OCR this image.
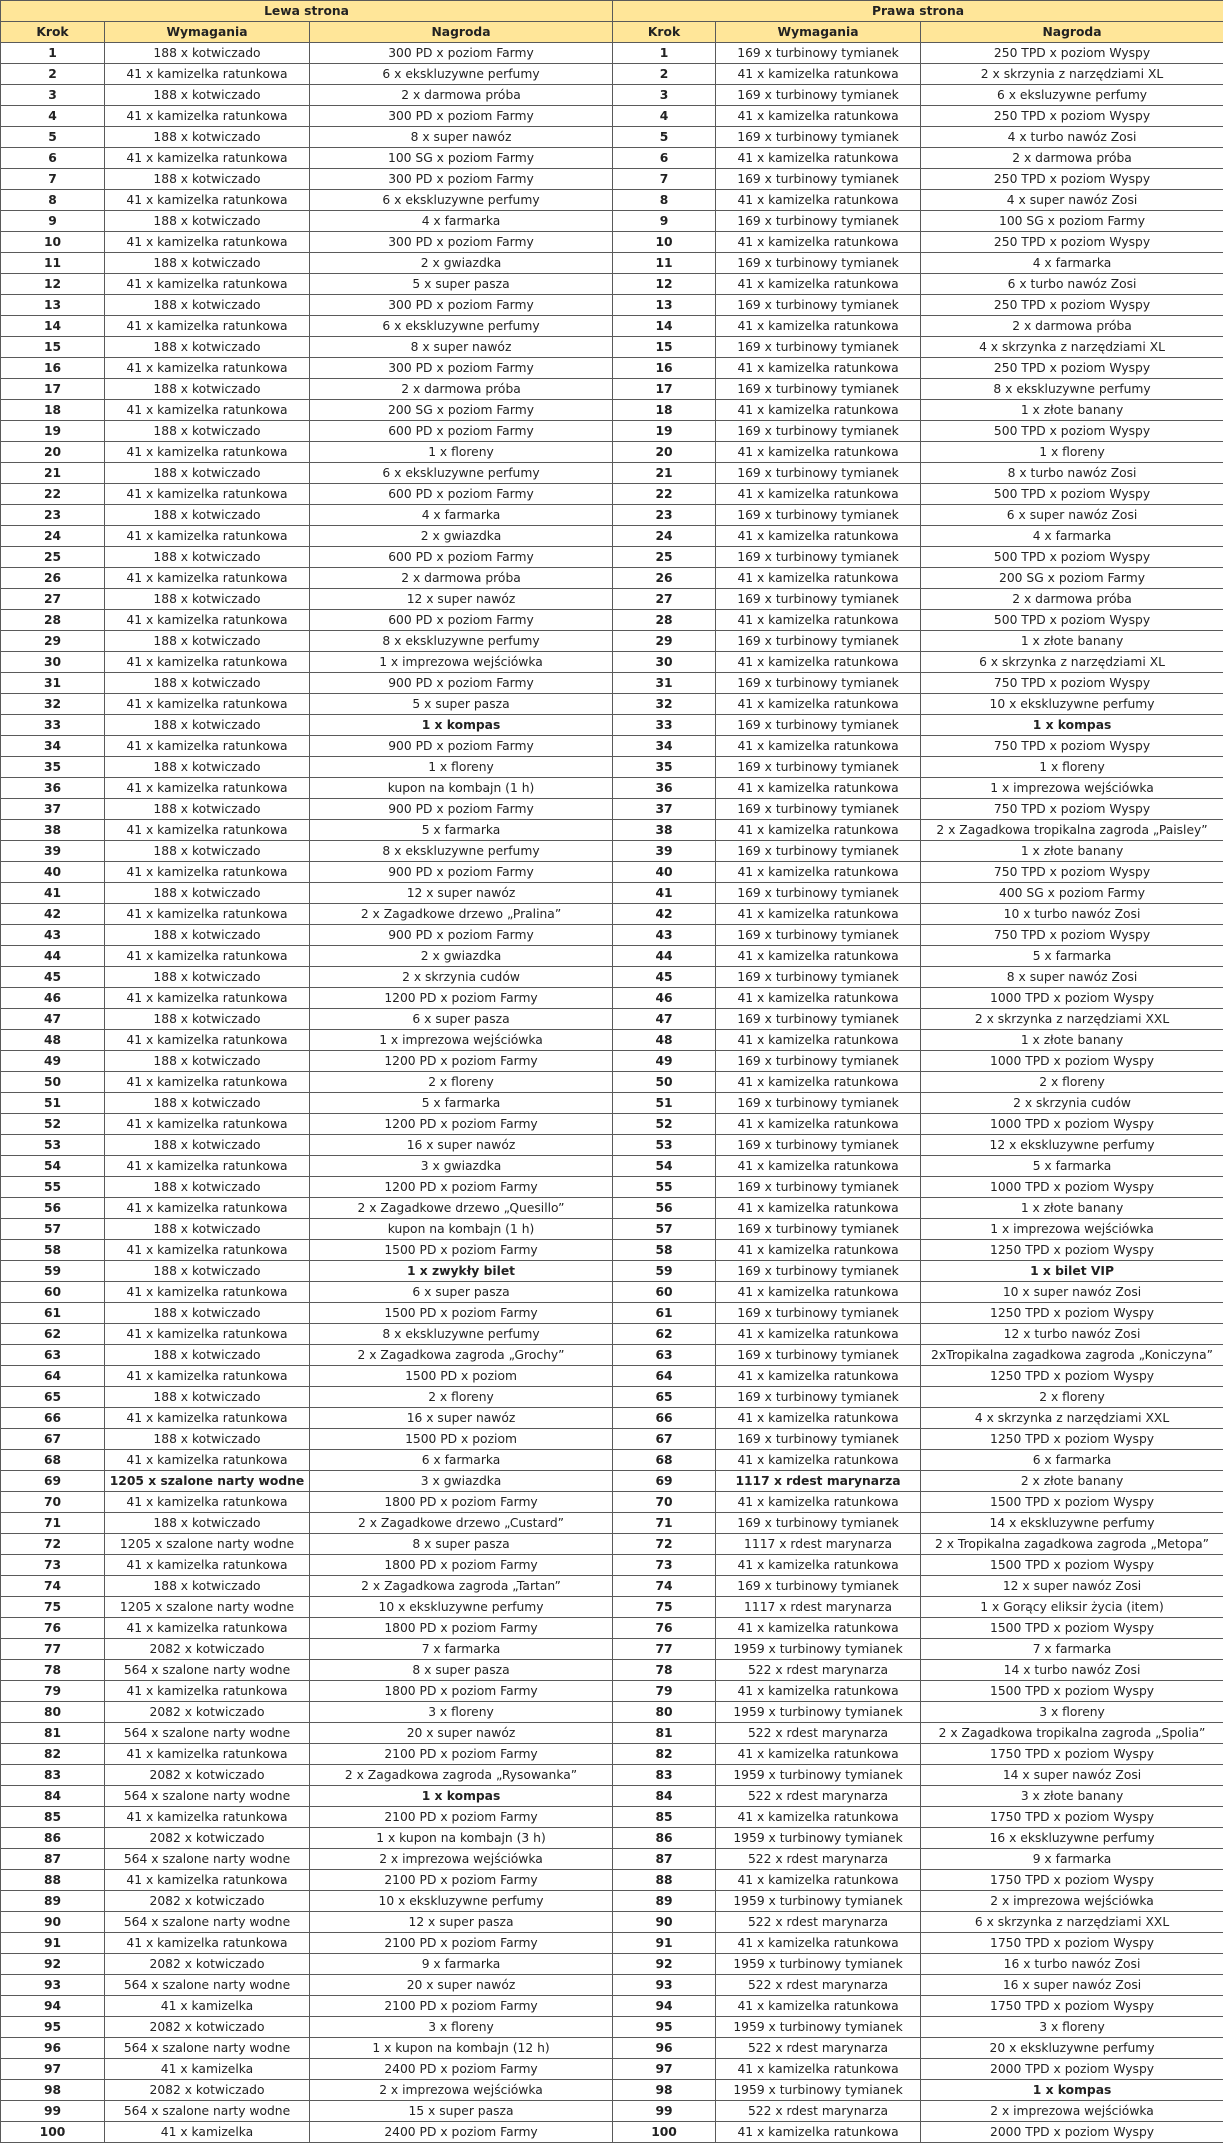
Lewa strona			Prawa strona		
Krok	Wymagania	Nagroda	Krok	Wymagania	Nagroda
1	188 x kotwiczado	300 PD x poziom Farmy	1	169 x turbinowy tymianek	250 TPD x poziom Wyspy
2	41 x kamizelka ratunkowa	6 x ekskluzywne perfumy	2	41 x kamizelka ratunkowa	2 x skrzynia z narzędziami XL
3	188 x kotwiczado	2 x darmowa próba	3	169 x turbinowy tymianek	6 x eksluzywne perfumy
4	41 x kamizelka ratunkowa	300 PD x poziom Farmy	4	41 x kamizelka ratunkowa	250 TPD x poziom Wyspy
5	188 x kotwiczado	8 x super nawóz	5	169 x turbinowy tymianek	4 x turbo nawóz Zosi
6	41 x kamizelka ratunkowa	100 SG x poziom Farmy	6	41 x kamizelka ratunkowa	2 x darmowa próba
7	188 x kotwiczado	300 PD x poziom Farmy	7	169 x turbinowy tymianek	250 TPD x poziom Wyspy
8	41 x kamizelka ratunkowa	6 x ekskluzywne perfumy	8	41 x kamizelka ratunkowa	4 x super nawóz Zosi
9	188 x kotwiczado	4 x farmarka	9	169 x turbinowy tymianek	100 SG x poziom Farmy
10	41 x kamizelka ratunkowa	300 PD x poziom Farmy	10	41 x kamizelka ratunkowa	250 TPD x poziom Wyspy
11	188 x kotwiczado	2 x gwiazdka	11	169 x turbinowy tymianek	4 x farmarka
12	41 x kamizelka ratunkowa	5 x super pasza	12	41 x kamizelka ratunkowa	6 x turbo nawóz Zosi
13	188 x kotwiczado	300 PD x poziom Farmy	13	169 x turbinowy tymianek	250 TPD x poziom Wyspy
14	41 x kamizelka ratunkowa	6 x ekskluzywne perfumy	14	41 x kamizelka ratunkowa	2 x darmowa próba
15	188 x kotwiczado	8 x super nawóz	15	169 x turbinowy tymianek	4 x skrzynka z narzędziami XL
16	41 x kamizelka ratunkowa	300 PD x poziom Farmy	16	41 x kamizelka ratunkowa	250 TPD x poziom Wyspy
17	188 x kotwiczado	2 x darmowa próba	17	169 x turbinowy tymianek	8 x ekskluzywne perfumy
18	41 x kamizelka ratunkowa	200 SG x poziom Farmy	18	41 x kamizelka ratunkowa	1 x złote banany
19	188 x kotwiczado	600 PD x poziom Farmy	19	169 x turbinowy tymianek	500 TPD x poziom Wyspy
20	41 x kamizelka ratunkowa	1 x floreny	20	41 x kamizelka ratunkowa	1 x floreny
21	188 x kotwiczado	6 x ekskluzywne perfumy	21	169 x turbinowy tymianek	8 x turbo nawóz Zosi
22	41 x kamizelka ratunkowa	600 PD x poziom Farmy	22	41 x kamizelka ratunkowa	500 TPD x poziom Wyspy
23	188 x kotwiczado	4 x farmarka	23	169 x turbinowy tymianek	6 x super nawóz Zosi
24	41 x kamizelka ratunkowa	2 x gwiazdka	24	41 x kamizelka ratunkowa	4 x farmarka
25	188 x kotwiczado	600 PD x poziom Farmy	25	169 x turbinowy tymianek	500 TPD x poziom Wyspy
26	41 x kamizelka ratunkowa	2 x darmowa próba	26	41 x kamizelka ratunkowa	200 SG x poziom Farmy
27	188 x kotwiczado	12 x super nawóz	27	169 x turbinowy tymianek	2 x darmowa próba
28	41 x kamizelka ratunkowa	600 PD x poziom Farmy	28	41 x kamizelka ratunkowa	500 TPD x poziom Wyspy
29	188 x kotwiczado	8 x ekskluzywne perfumy	29	169 x turbinowy tymianek	1 x złote banany
30	41 x kamizelka ratunkowa	1 x imprezowa wejściówka	30	41 x kamizelka ratunkowa	6 x skrzynka z narzędziami XL
31	188 x kotwiczado	900 PD x poziom Farmy	31	169 x turbinowy tymianek	750 TPD x poziom Wyspy
32	41 x kamizelka ratunkowa	5 x super pasza	32	41 x kamizelka ratunkowa	10 x ekskluzywne perfumy
33	188 x kotwiczado	1 x kompas	33	169 x turbinowy tymianek	1 x kompas
34	41 x kamizelka ratunkowa	900 PD x poziom Farmy	34	41 x kamizelka ratunkowa	750 TPD x poziom Wyspy
35	188 x kotwiczado	1 x floreny	35	169 x turbinowy tymianek	1 x floreny
36	41 x kamizelka ratunkowa	kupon na kombajn (1 h)	36	41 x kamizelka ratunkowa	1 x imprezowa wejściówka
37	188 x kotwiczado	900 PD x poziom Farmy	37	169 x turbinowy tymianek	750 TPD x poziom Wyspy
38	41 x kamizelka ratunkowa	5 x farmarka	38	41 x kamizelka ratunkowa	2 x Zagadkowa tropikalna zagroda „Paisley”
39	188 x kotwiczado	8 x ekskluzywne perfumy	39	169 x turbinowy tymianek	1 x złote banany
40	41 x kamizelka ratunkowa	900 PD x poziom Farmy	40	41 x kamizelka ratunkowa	750 TPD x poziom Wyspy
41	188 x kotwiczado	12 x super nawóz	41	169 x turbinowy tymianek	400 SG x poziom Farmy
42	41 x kamizelka ratunkowa	2 x Zagadkowe drzewo „Pralina”	42	41 x kamizelka ratunkowa	10 x turbo nawóz Zosi
43	188 x kotwiczado	900 PD x poziom Farmy	43	169 x turbinowy tymianek	750 TPD x poziom Wyspy
44	41 x kamizelka ratunkowa	2 x gwiazdka	44	41 x kamizelka ratunkowa	5 x farmarka
45	188 x kotwiczado	2 x skrzynia cudów	45	169 x turbinowy tymianek	8 x super nawóz Zosi
46	41 x kamizelka ratunkowa	1200 PD x poziom Farmy	46	41 x kamizelka ratunkowa	1000 TPD x poziom Wyspy
47	188 x kotwiczado	6 x super pasza	47	169 x turbinowy tymianek	2 x skrzynka z narzędziami XXL
48	41 x kamizelka ratunkowa	1 x imprezowa wejściówka	48	41 x kamizelka ratunkowa	1 x złote banany
49	188 x kotwiczado	1200 PD x poziom Farmy	49	169 x turbinowy tymianek	1000 TPD x poziom Wyspy
50	41 x kamizelka ratunkowa	2 x floreny	50	41 x kamizelka ratunkowa	2 x floreny
51	188 x kotwiczado	5 x farmarka	51	169 x turbinowy tymianek	2 x skrzynia cudów
52	41 x kamizelka ratunkowa	1200 PD x poziom Farmy	52	41 x kamizelka ratunkowa	1000 TPD x poziom Wyspy
53	188 x kotwiczado	16 x super nawóz	53	169 x turbinowy tymianek	12 x ekskluzywne perfumy
54	41 x kamizelka ratunkowa	3 x gwiazdka	54	41 x kamizelka ratunkowa	5 x farmarka
55	188 x kotwiczado	1200 PD x poziom Farmy	55	169 x turbinowy tymianek	1000 TPD x poziom Wyspy
56	41 x kamizelka ratunkowa	2 x Zagadkowe drzewo „Quesillo”	56	41 x kamizelka ratunkowa	1 x złote banany
57	188 x kotwiczado	kupon na kombajn (1 h)	57	169 x turbinowy tymianek	1 x imprezowa wejściówka
58	41 x kamizelka ratunkowa	1500 PD x poziom Farmy	58	41 x kamizelka ratunkowa	1250 TPD x poziom Wyspy
59	188 x kotwiczado	1 x zwykły bilet	59	169 x turbinowy tymianek	1 x bilet VIP
60	41 x kamizelka ratunkowa	6 x super pasza	60	41 x kamizelka ratunkowa	10 x super nawóz Zosi
61	188 x kotwiczado	1500 PD x poziom Farmy	61	169 x turbinowy tymianek	1250 TPD x poziom Wyspy
62	41 x kamizelka ratunkowa	8 x ekskluzywne perfumy	62	41 x kamizelka ratunkowa	12 x turbo nawóz Zosi
63	188 x kotwiczado	2 x Zagadkowa zagroda „Grochy”	63	169 x turbinowy tymianek	2xTropikalna zagadkowa zagroda „Koniczyna”
64	41 x kamizelka ratunkowa	1500 PD x poziom	64	41 x kamizelka ratunkowa	1250 TPD x poziom Wyspy
65	188 x kotwiczado	2 x floreny	65	169 x turbinowy tymianek	2 x floreny
66	41 x kamizelka ratunkowa	16 x super nawóz	66	41 x kamizelka ratunkowa	4 x skrzynka z narzędziami XXL
67	188 x kotwiczado	1500 PD x poziom	67	169 x turbinowy tymianek	1250 TPD x poziom Wyspy
68	41 x kamizelka ratunkowa	6 x farmarka	68	41 x kamizelka ratunkowa	6 x farmarka
69	1205 x szalone narty wodne	3 x gwiazdka	69	1117 x rdest marynarza	2 x złote banany
70	41 x kamizelka ratunkowa	1800 PD x poziom Farmy	70	41 x kamizelka ratunkowa	1500 TPD x poziom Wyspy
71	188 x kotwiczado	2 x Zagadkowe drzewo „Custard”	71	169 x turbinowy tymianek	14 x ekskluzywne perfumy
72	1205 x szalone narty wodne	8 x super pasza	72	1117 x rdest marynarza	2 x Tropikalna zagadkowa zagroda „Metopa”
73	41 x kamizelka ratunkowa	1800 PD x poziom Farmy	73	41 x kamizelka ratunkowa	1500 TPD x poziom Wyspy
74	188 x kotwiczado	2 x Zagadkowa zagroda „Tartan”	74	169 x turbinowy tymianek	12 x super nawóz Zosi
75	1205 x szalone narty wodne	10 x ekskluzywne perfumy	75	1117 x rdest marynarza	1 x Gorący eliksir życia (item)
76	41 x kamizelka ratunkowa	1800 PD x poziom Farmy	76	41 x kamizelka ratunkowa	1500 TPD x poziom Wyspy
77	2082 x kotwiczado	7 x farmarka	77	1959 x turbinowy tymianek	7 x farmarka
78	564 x szalone narty wodne	8 x super pasza	78	522 x rdest marynarza	14 x turbo nawóz Zosi
79	41 x kamizelka ratunkowa	1800 PD x poziom Farmy	79	41 x kamizelka ratunkowa	1500 TPD x poziom Wyspy
80	2082 x kotwiczado	3 x floreny	80	1959 x turbinowy tymianek	3 x floreny
81	564 x szalone narty wodne	20 x super nawóz	81	522 x rdest marynarza	2 x Zagadkowa tropikalna zagroda „Spolia”
82	41 x kamizelka ratunkowa	2100 PD x poziom Farmy	82	41 x kamizelka ratunkowa	1750 TPD x poziom Wyspy
83	2082 x kotwiczado	2 x Zagadkowa zagroda „Rysowanka”	83	1959 x turbinowy tymianek	14 x super nawóz Zosi
84	564 x szalone narty wodne	1 x kompas	84	522 x rdest marynarza	3 x złote banany
85	41 x kamizelka ratunkowa	2100 PD x poziom Farmy	85	41 x kamizelka ratunkowa	1750 TPD x poziom Wyspy
86	2082 x kotwiczado	1 x kupon na kombajn (3 h)	86	1959 x turbinowy tymianek	16 x ekskluzywne perfumy
87	564 x szalone narty wodne	2 x imprezowa wejściówka	87	522 x rdest marynarza	9 x farmarka
88	41 x kamizelka ratunkowa	2100 PD x poziom Farmy	88	41 x kamizelka ratunkowa	1750 TPD x poziom Wyspy
89	2082 x kotwiczado	10 x ekskluzywne perfumy	89	1959 x turbinowy tymianek	2 x imprezowa wejściówka
90	564 x szalone narty wodne	12 x super pasza	90	522 x rdest marynarza	6 x skrzynka z narzędziami XXL
91	41 x kamizelka ratunkowa	2100 PD x poziom Farmy	91	41 x kamizelka ratunkowa	1750 TPD x poziom Wyspy
92	2082 x kotwiczado	9 x farmarka	92	1959 x turbinowy tymianek	16 x turbo nawóz Zosi
93	564 x szalone narty wodne	20 x super nawóz	93	522 x rdest marynarza	16 x super nawóz Zosi
94	41 x kamizelka	2100 PD x poziom Farmy	94	41 x kamizelka ratunkowa	1750 TPD x poziom Wyspy
95	2082 x kotwiczado	3 x floreny	95	1959 x turbinowy tymianek	3 x floreny
96	564 x szalone narty wodne	1 x kupon na kombajn (12 h)	96	522 x rdest marynarza	20 x ekskluzywne perfumy
97	41 x kamizelka	2400 PD x poziom Farmy	97	41 x kamizelka ratunkowa	2000 TPD x poziom Wyspy
98	2082 x kotwiczado	2 x imprezowa wejściówka	98	1959 x turbinowy tymianek	1 x kompas
99	564 x szalone narty wodne	15 x super pasza	99	522 x rdest marynarza	2 x imprezowa wejściówka
100	41 x kamizelka	2400 PD x poziom Farmy	100	41 x kamizelka ratunkowa	2000 TPD x poziom Wyspy
